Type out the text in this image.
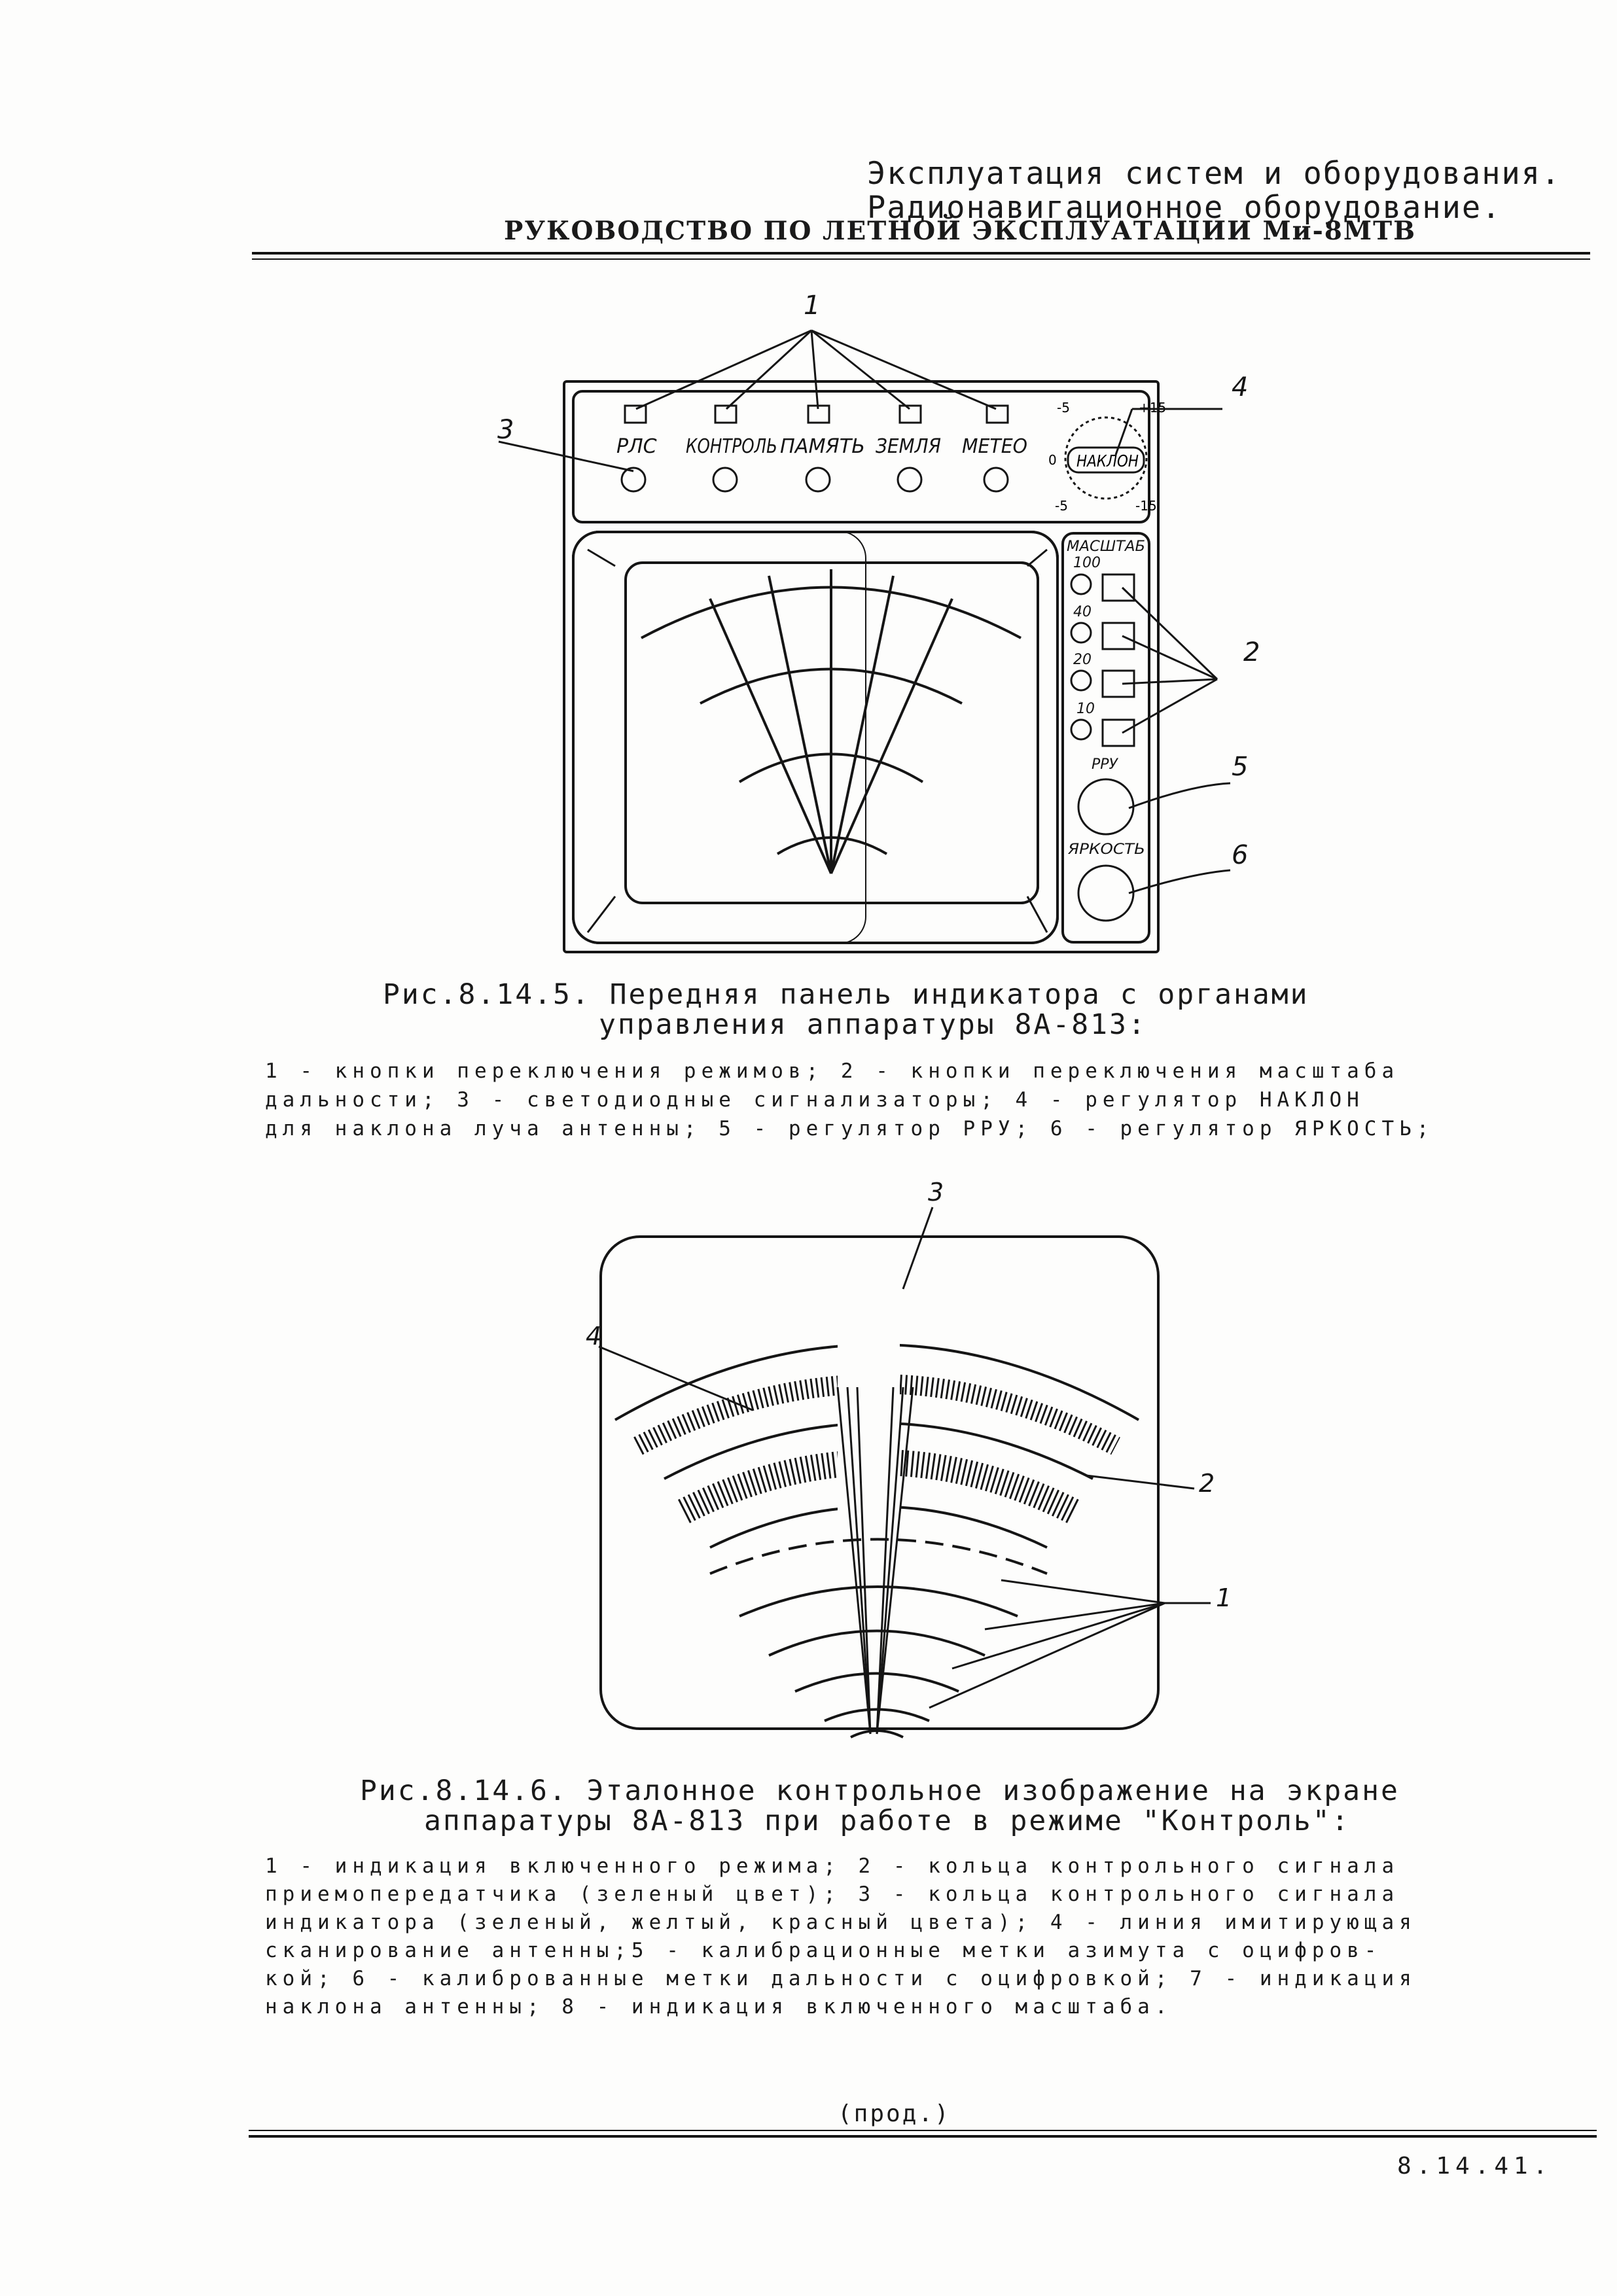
Эксплуатация систем и оборудования.
Радионавигационное оборудование.
РУКОВОДСТВО ПО ЛЕТНОЙ ЭКСПЛУАТАЦИИ Ми-8МТВ
РЛС КОНТРОЛЬ ПАМЯТЬ ЗЕМЛЯ МЕТЕО
НАКЛОН
-5	+15
0
-5	-15
МАСШТАБ
100
40
20
10
РРУ
ЯРКОСТЬ
1
2
3
4
5
6
Рис.8.14.5. Передняя панель индикатора с органами
управления аппаратуры 8А-813:
1 - кнопки переключения режимов; 2 - кнопки переключения масштаба
дальности; 3 - светодиодные сигнализаторы; 4 - регулятор НАКЛОН
для наклона луча антенны; 5 - регулятор РРУ; 6 - регулятор ЯРКОСТЬ;
1
2
3
4
Рис.8.14.6. Эталонное контрольное изображение на экране
аппаратуры 8А-813 при работе в режиме "Контроль":
1 - индикация включенного режима; 2 - кольца контрольного сигнала
приемопередатчика (зеленый цвет); 3 - кольца контрольного сигнала
индикатора (зеленый, желтый, красный цвета); 4 - линия имитирующая
сканирование антенны;5 - калибрационные метки азимута с оцифров-
кой; 6 - калиброванные метки дальности с оцифровкой; 7 - индикация
наклона антенны; 8 - индикация включенного масштаба.
(прод.)
8.14.41.
